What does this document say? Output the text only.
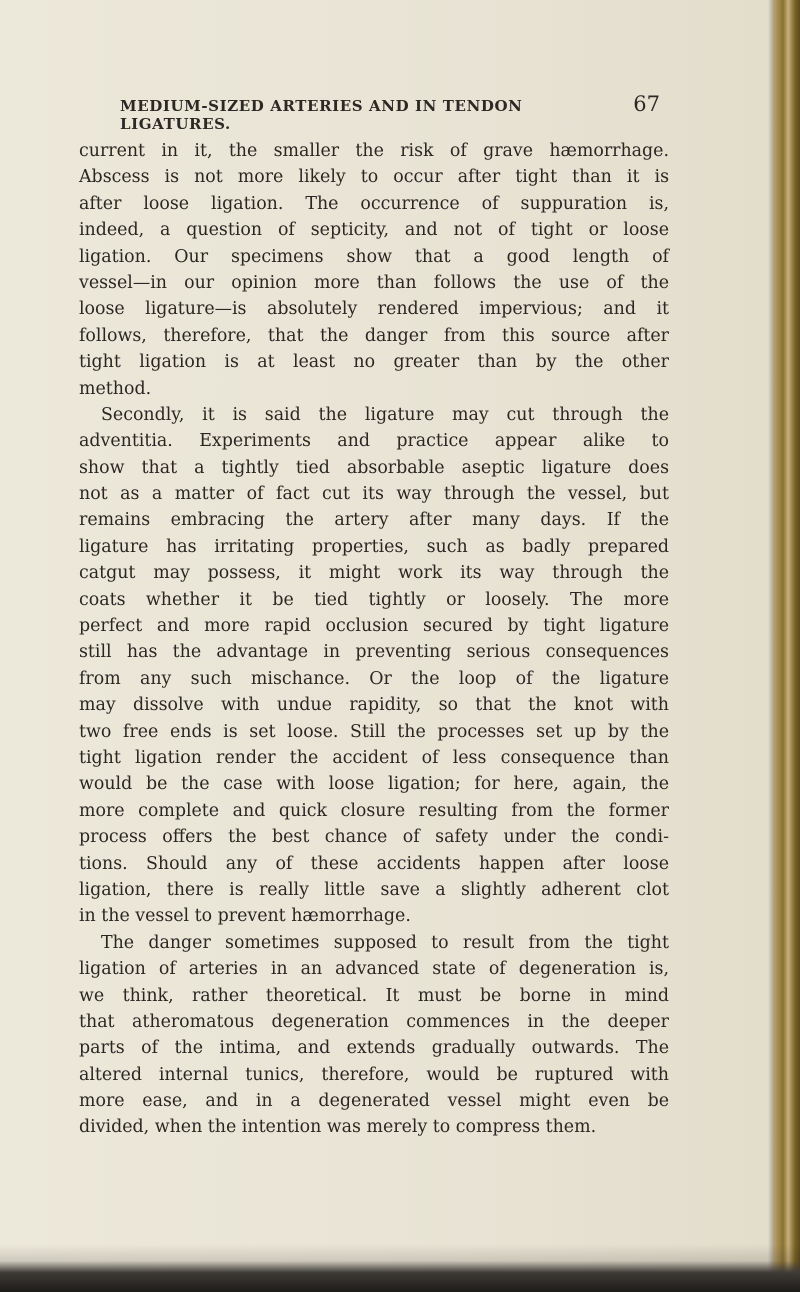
MEDIUM-SIZED ARTERIES AND IN TENDON LIGATURES.
67
current in it, the smaller the risk of grave hæmorrhage.
Abscess is not more likely to occur after tight than it is
after loose ligation. The occurrence of suppuration is,
indeed, a question of septicity, and not of tight or loose
ligation. Our specimens show that a good length of
vessel—in our opinion more than follows the use of the
loose ligature—is absolutely rendered impervious; and it
follows, therefore, that the danger from this source after
tight ligation is at least no greater than by the other
method.
Secondly, it is said the ligature may cut through the
adventitia. Experiments and practice appear alike to
show that a tightly tied absorbable aseptic ligature does
not as a matter of fact cut its way through the vessel, but
remains embracing the artery after many days. If the
ligature has irritating properties, such as badly prepared
catgut may possess, it might work its way through the
coats whether it be tied tightly or loosely. The more
perfect and more rapid occlusion secured by tight ligature
still has the advantage in preventing serious consequences
from any such mischance. Or the loop of the ligature
may dissolve with undue rapidity, so that the knot with
two free ends is set loose. Still the processes set up by the
tight ligation render the accident of less consequence than
would be the case with loose ligation; for here, again, the
more complete and quick closure resulting from the former
process offers the best chance of safety under the condi-
tions. Should any of these accidents happen after loose
ligation, there is really little save a slightly adherent clot
in the vessel to prevent hæmorrhage.
The danger sometimes supposed to result from the tight
ligation of arteries in an advanced state of degeneration is,
we think, rather theoretical. It must be borne in mind
that atheromatous degeneration commences in the deeper
parts of the intima, and extends gradually outwards. The
altered internal tunics, therefore, would be ruptured with
more ease, and in a degenerated vessel might even be
divided, when the intention was merely to compress them.
